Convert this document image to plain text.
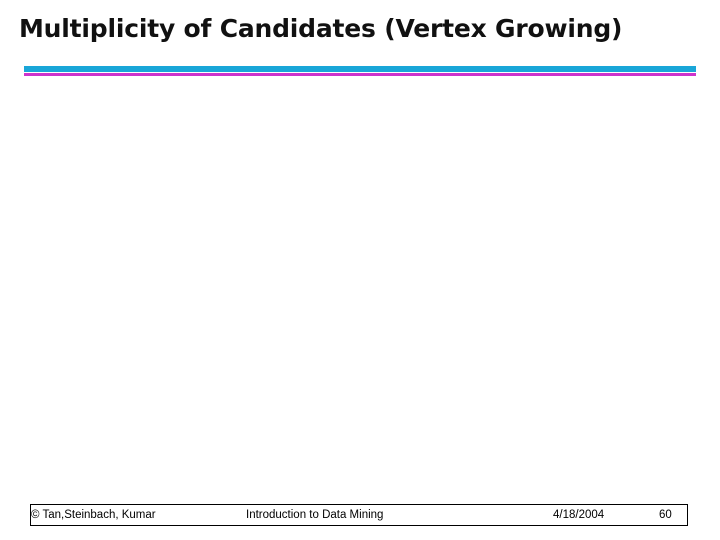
Multiplicity of Candidates (Vertex Growing)
© Tan,Steinbach, Kumar	Introduction to Data Mining	4/18/2004	60
